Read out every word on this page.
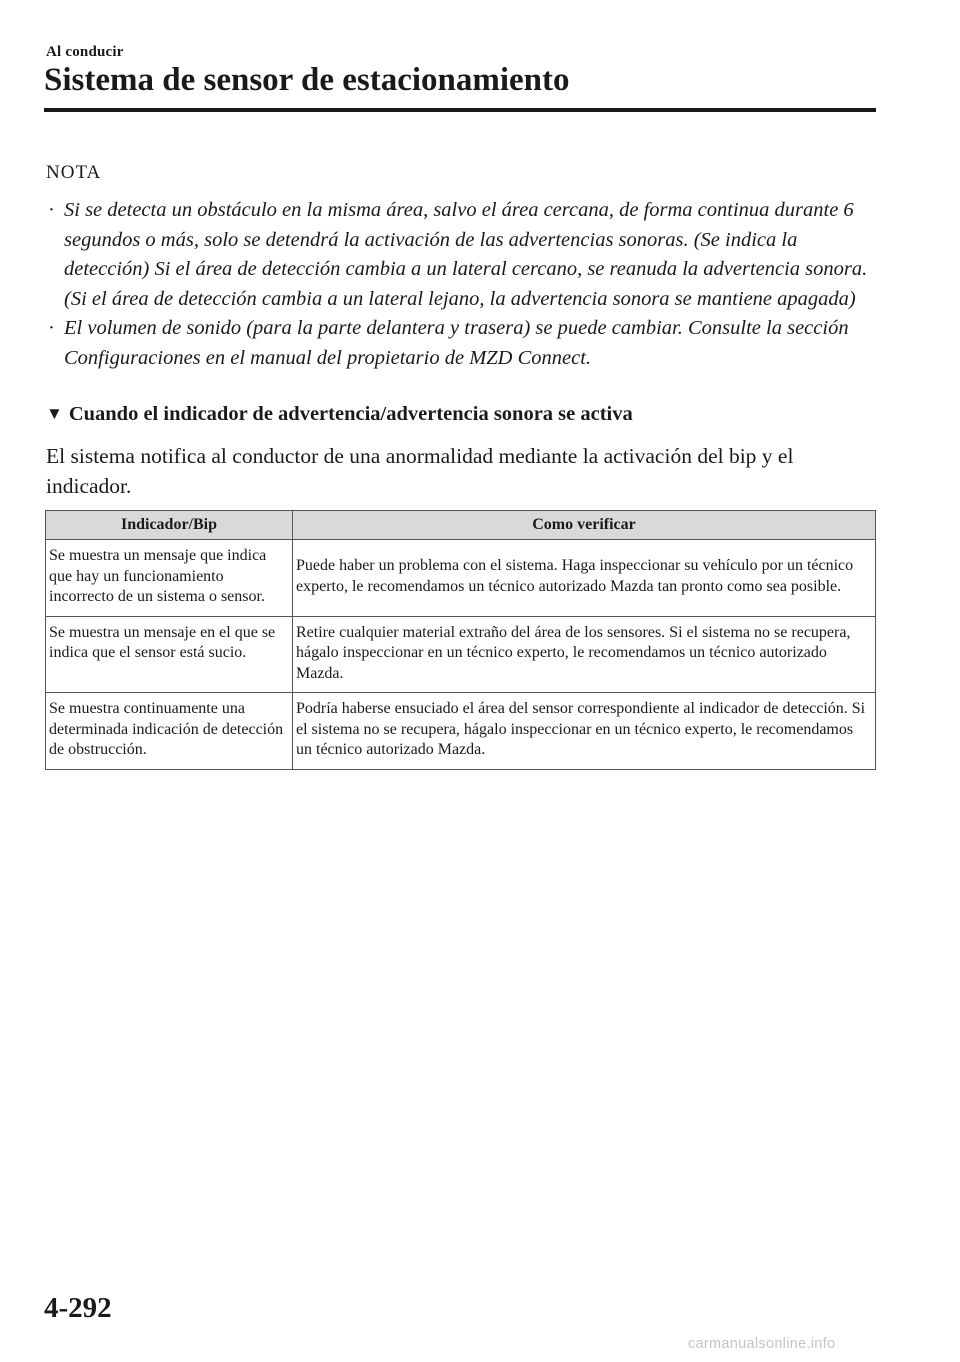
Al conducir
Sistema de sensor de estacionamiento
NOTA
· Si se detecta un obstáculo en la misma área, salvo el área cercana, de forma continua durante 6 segundos o más, solo se detendrá la activación de las advertencias sonoras. (Se indica la detección) Si el área de detección cambia a un lateral cercano, se reanuda la advertencia sonora. (Si el área de detección cambia a un lateral lejano, la advertencia sonora se mantiene apagada)
· El volumen de sonido (para la parte delantera y trasera) se puede cambiar. Consulte la sección Configuraciones en el manual del propietario de MZD Connect.
▼ Cuando el indicador de advertencia/advertencia sonora se activa

El sistema notifica al conductor de una anormalidad mediante la activación del bip y el indicador.

Indicador/Bip	Como verificar
Se muestra un mensaje que indica que hay un funcionamiento incorrecto de un sistema o sensor.	Puede haber un problema con el sistema. Haga inspeccionar su vehículo por un técnico experto, le recomendamos un técnico autorizado Mazda tan pronto como sea posible.
Se muestra un mensaje en el que se indica que el sensor está sucio.	Retire cualquier material extraño del área de los sensores. Si el sistema no se recupera, hágalo inspeccionar en un técnico experto, le recomendamos un técnico autorizado Mazda.
Se muestra continuamente una determinada indicación de detección de obstrucción.	Podría haberse ensuciado el área del sensor correspondiente al indicador de detección. Si el sistema no se recupera, hágalo inspeccionar en un técnico experto, le recomendamos un técnico autorizado Mazda.
4-292
carmanualsonline.info
